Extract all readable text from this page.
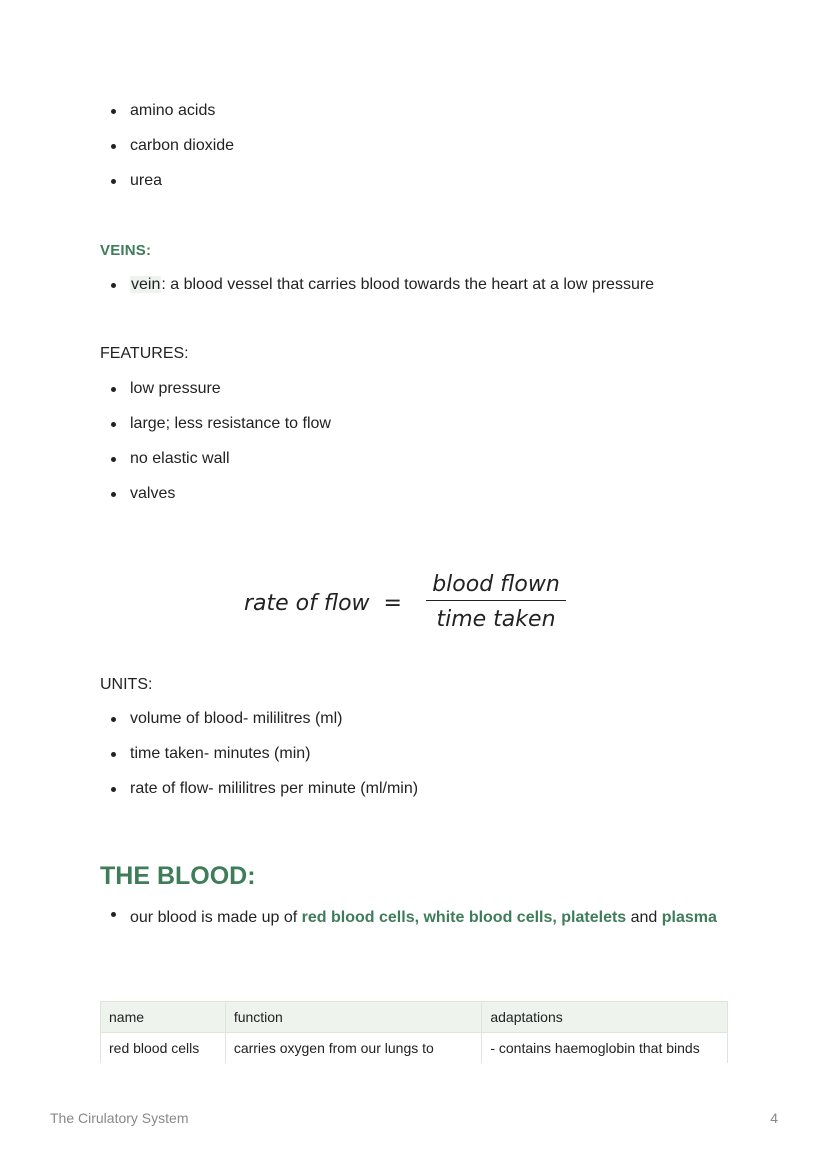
amino acids
carbon dioxide
urea
VEINS:
vein: a blood vessel that carries blood towards the heart at a low pressure
FEATURES:
low pressure
large; less resistance to flow
no elastic wall
valves
rate of flow =
blood flown
time taken
UNITS:
volume of blood- mililitres (ml)
time taken- minutes (min)
rate of flow- mililitres per minute (ml/min)
THE BLOOD:
our blood is made up of red blood cells, white blood cells, platelets and plasma
name	function	adaptations
red blood cells	carries oxygen from our lungs to	- contains haemoglobin that binds
The Cirulatory System	4
